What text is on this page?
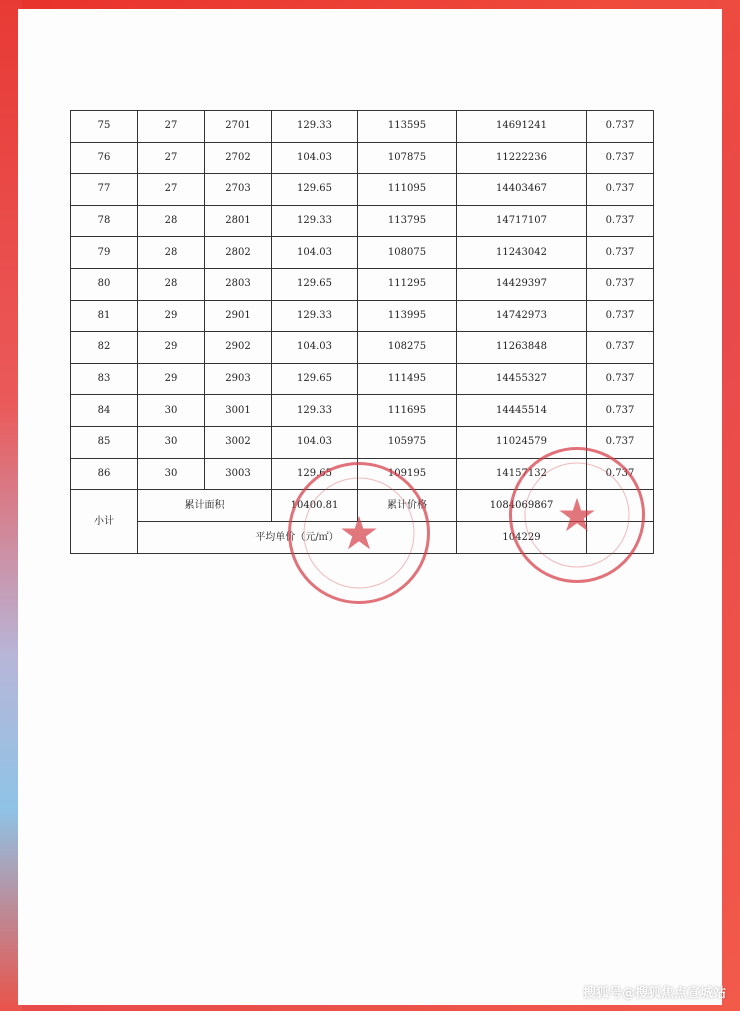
75	27	2701	129.33	113595	14691241	0.737
76	27	2702	104.03	107875	11222236	0.737
77	27	2703	129.65	111095	14403467	0.737
78	28	2801	129.33	113795	14717107	0.737
79	28	2802	104.03	108075	11243042	0.737
80	28	2803	129.65	111295	14429397	0.737
81	29	2901	129.33	113995	14742973	0.737
82	29	2902	104.03	108275	11263848	0.737
83	29	2903	129.65	111495	14455327	0.737
84	30	3001	129.33	111695	14445514	0.737
85	30	3002	104.03	105975	11024579	0.737
86	30	3003	129.65	109195	14157132	0.737
小计	累计面积		10400.81	累计价格	1084069867	
	平均单价（元/㎡）				104229	
★	★
搜狐号@搜狐焦点宣城站
